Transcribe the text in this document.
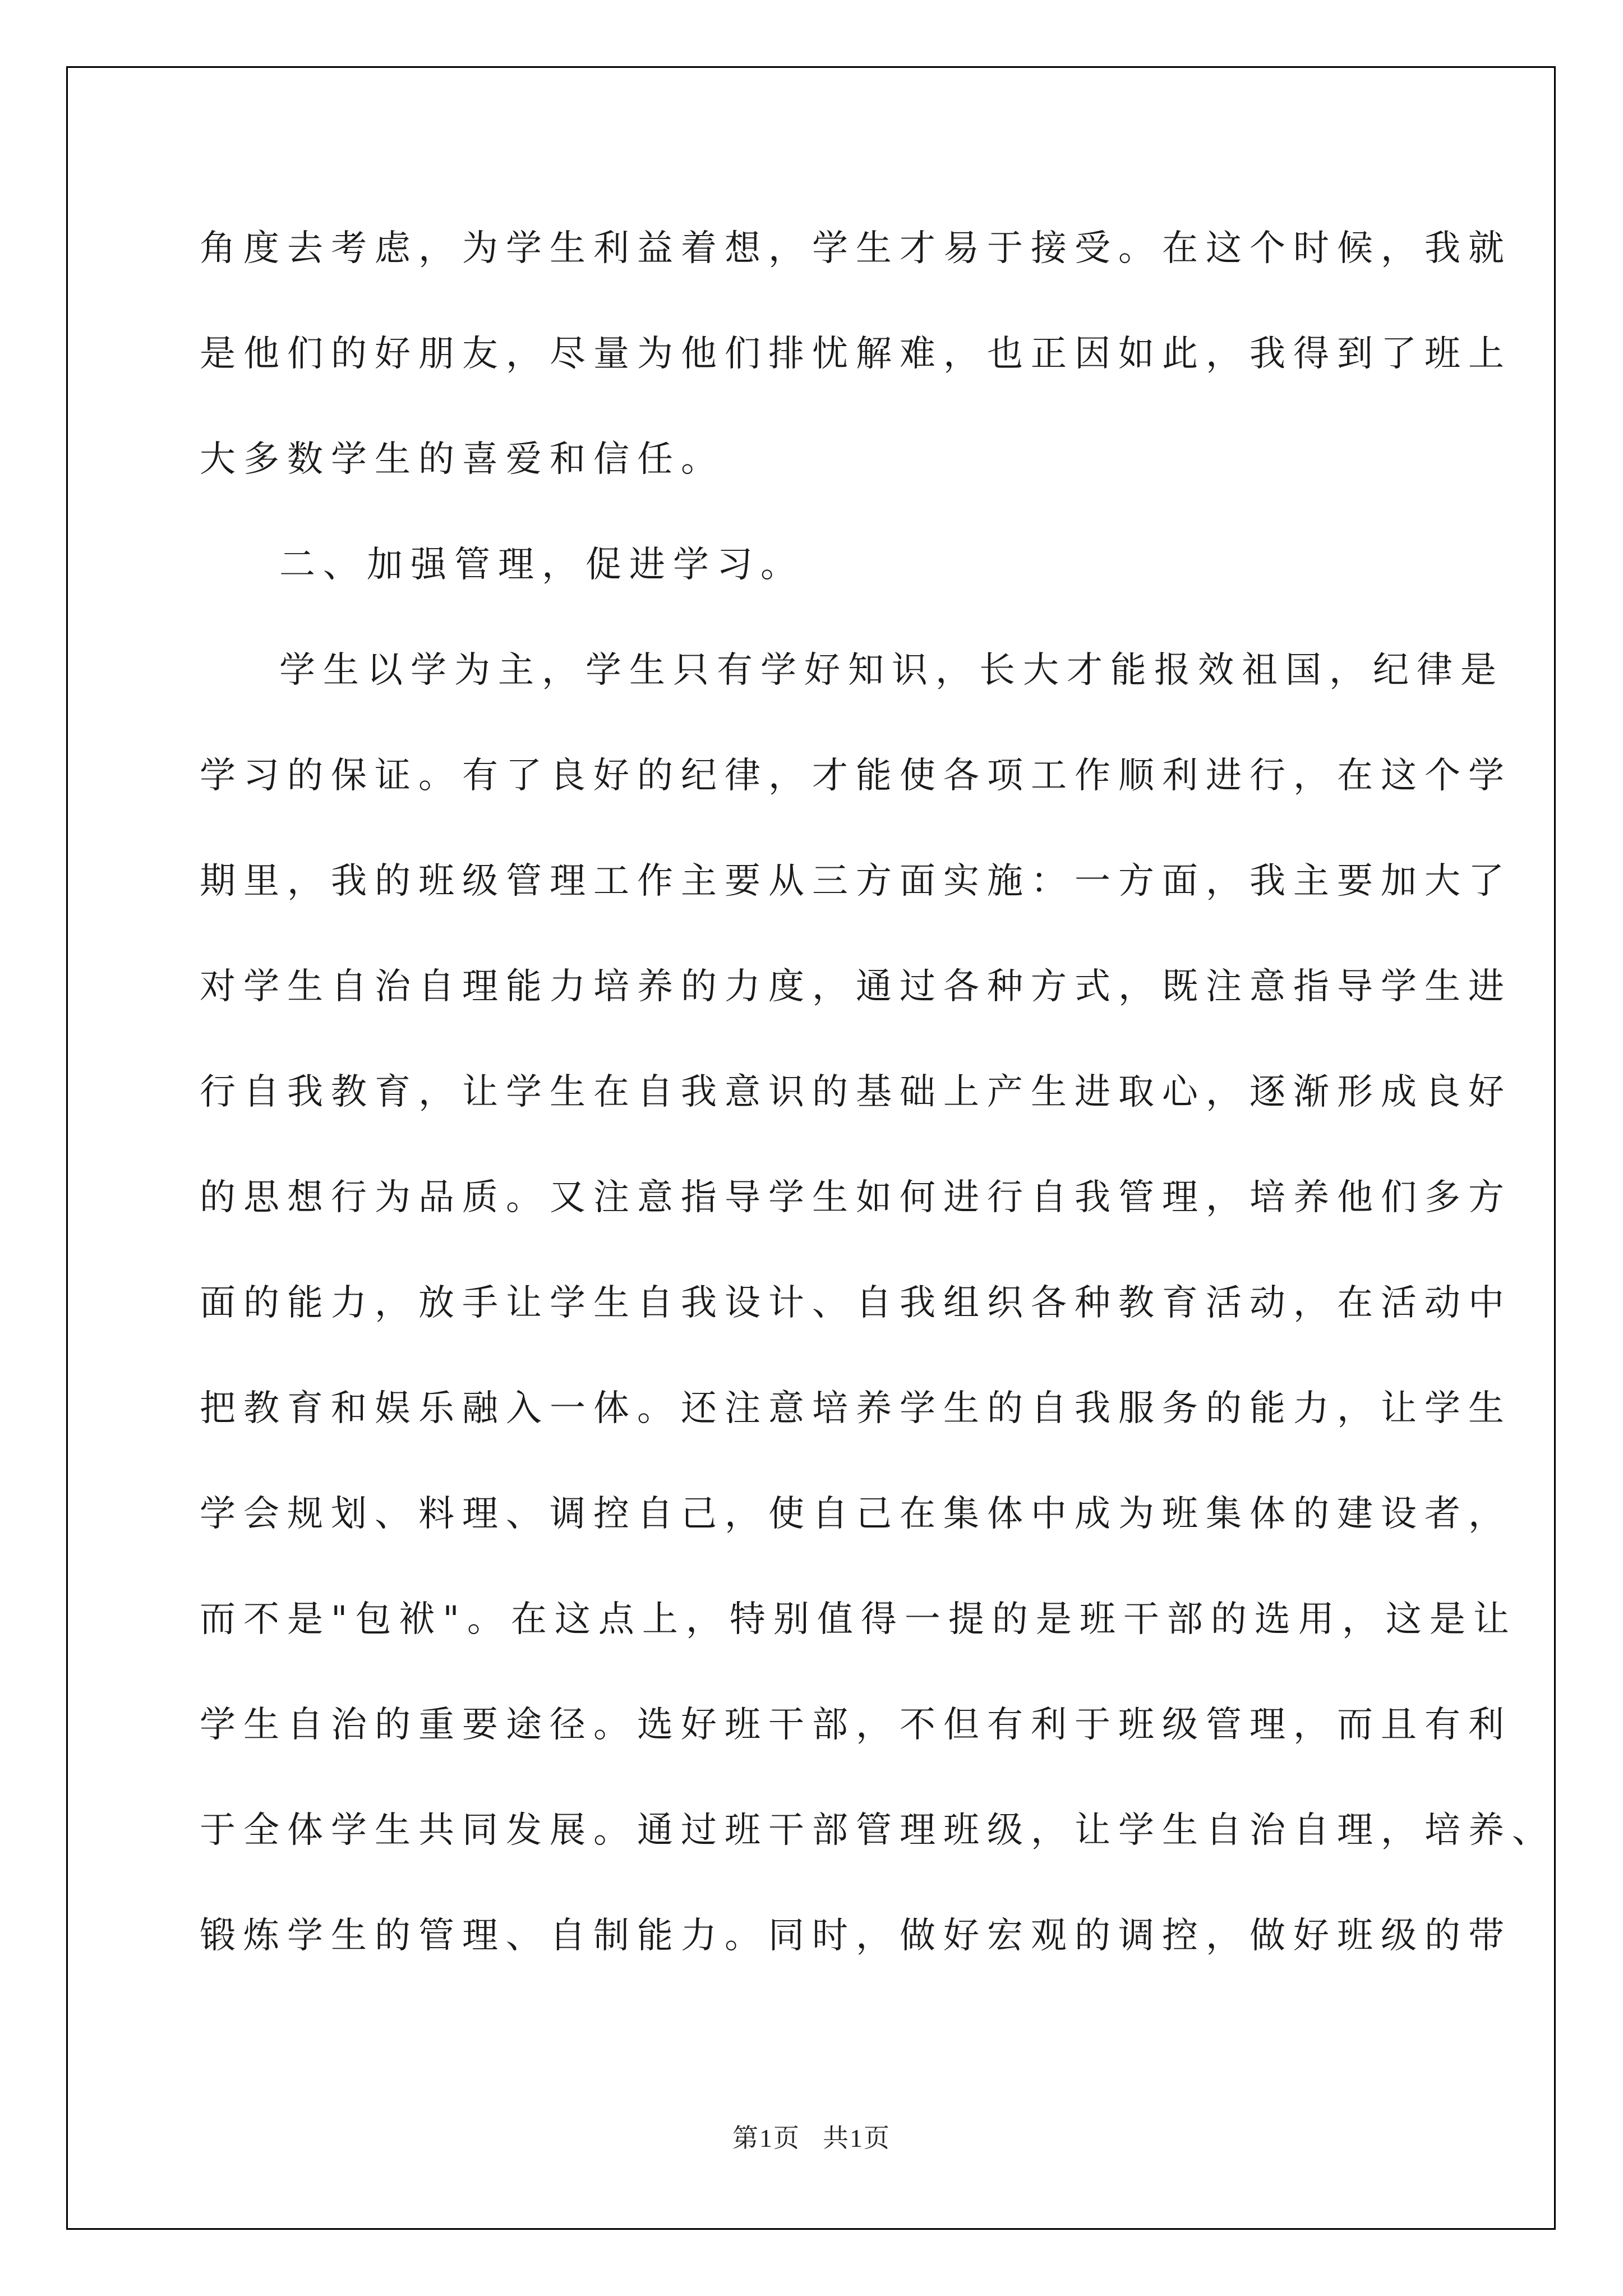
角度去考虑，为学生利益着想，学生才易于接受。在这个时候，我就
是他们的好朋友，尽量为他们排忧解难，也正因如此，我得到了班上
大多数学生的喜爱和信任。
二、加强管理，促进学习。
学生以学为主，学生只有学好知识，长大才能报效祖国，纪律是
学习的保证。有了良好的纪律，才能使各项工作顺利进行，在这个学
期里，我的班级管理工作主要从三方面实施：一方面，我主要加大了
对学生自治自理能力培养的力度，通过各种方式，既注意指导学生进
行自我教育，让学生在自我意识的基础上产生进取心，逐渐形成良好
的思想行为品质。又注意指导学生如何进行自我管理，培养他们多方
面的能力，放手让学生自我设计、自我组织各种教育活动，在活动中
把教育和娱乐融入一体。还注意培养学生的自我服务的能力，让学生
学会规划、料理、调控自己，使自己在集体中成为班集体的建设者，
而不是"包袱"。在这点上，特别值得一提的是班干部的选用，这是让
学生自治的重要途径。选好班干部，不但有利于班级管理，而且有利
于全体学生共同发展。通过班干部管理班级，让学生自治自理，培养、
锻炼学生的管理、自制能力。同时，做好宏观的调控，做好班级的带
第1页 共1页
